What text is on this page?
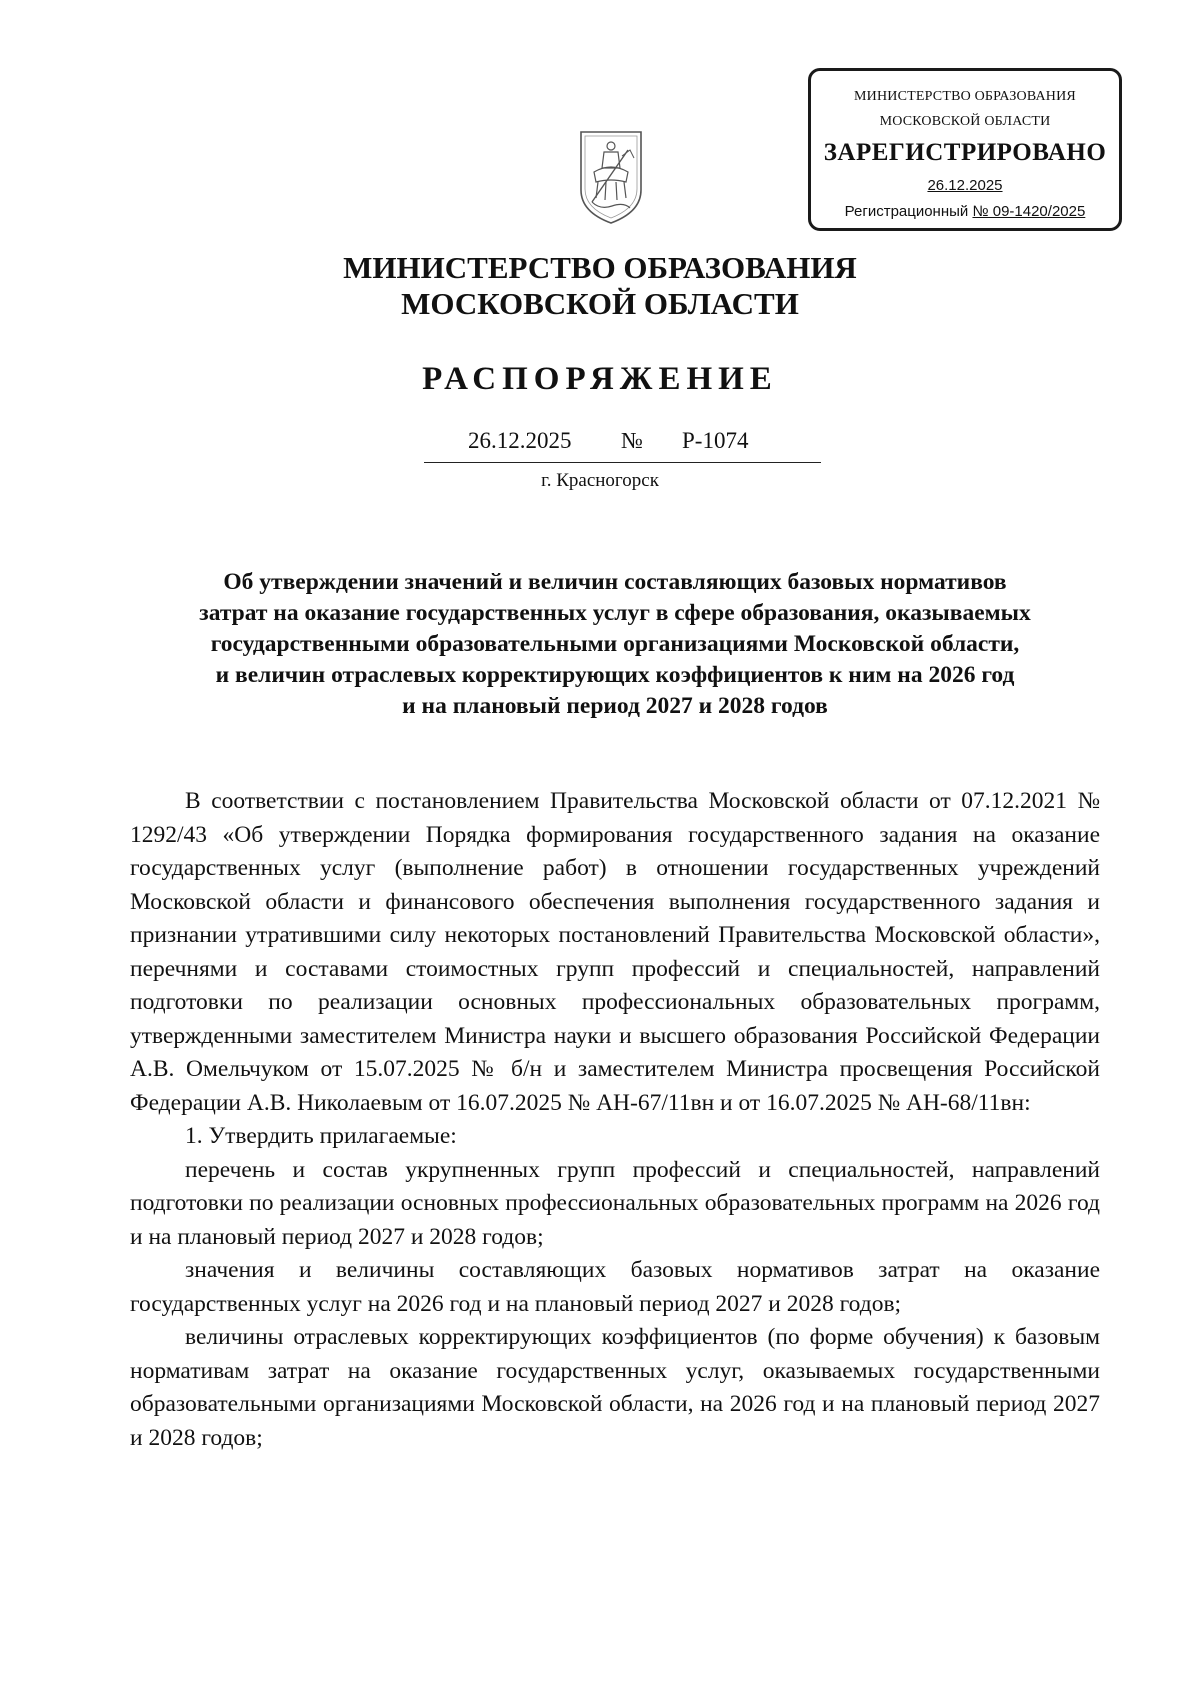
МИНИСТЕРСТВО ОБРАЗОВАНИЯ
МОСКОВСКОЙ ОБЛАСТИ
ЗАРЕГИСТРИРОВАНО
26.12.2025
Регистрационный № 09-1420/2025
МИНИСТЕРСТВО ОБРАЗОВАНИЯ
МОСКОВСКОЙ ОБЛАСТИ
РАСПОРЯЖЕНИЕ
26.12.2025 № Р-1074
г. Красногорск
Об утверждении значений и величин составляющих базовых нормативов
затрат на оказание государственных услуг в сфере образования, оказываемых
государственными образовательными организациями Московской области,
и величин отраслевых корректирующих коэффициентов к ним на 2026 год
и на плановый период 2027 и 2028 годов

В соответствии с постановлением Правительства Московской области от 07.12.2021 № 1292/43 «Об утверждении Порядка формирования государственного задания на оказание государственных услуг (выполнение работ) в отношении государственных учреждений Московской области и финансового обеспечения выполнения государственного задания и признании утратившими силу некоторых постановлений Правительства Московской области», перечнями и составами стоимостных групп профессий и специальностей, направлений подготовки по реализации основных профессиональных образовательных программ, утвержденными заместителем Министра науки и высшего образования Российской Федерации А.В. Омельчуком от 15.07.2025 № б/н и заместителем Министра просвещения Российской Федерации А.В. Николаевым от 16.07.2025 № АН-67/11вн и от 16.07.2025 № АН-68/11вн:

1. Утвердить прилагаемые:

перечень и состав укрупненных групп профессий и специальностей, направлений подготовки по реализации основных профессиональных образовательных программ на 2026 год и на плановый период 2027 и 2028 годов;

значения и величины составляющих базовых нормативов затрат на оказание государственных услуг на 2026 год и на плановый период 2027 и 2028 годов;

величины отраслевых корректирующих коэффициентов (по форме обучения) к базовым нормативам затрат на оказание государственных услуг, оказываемых государственными образовательными организациями Московской области, на 2026 год и на плановый период 2027 и 2028 годов;
